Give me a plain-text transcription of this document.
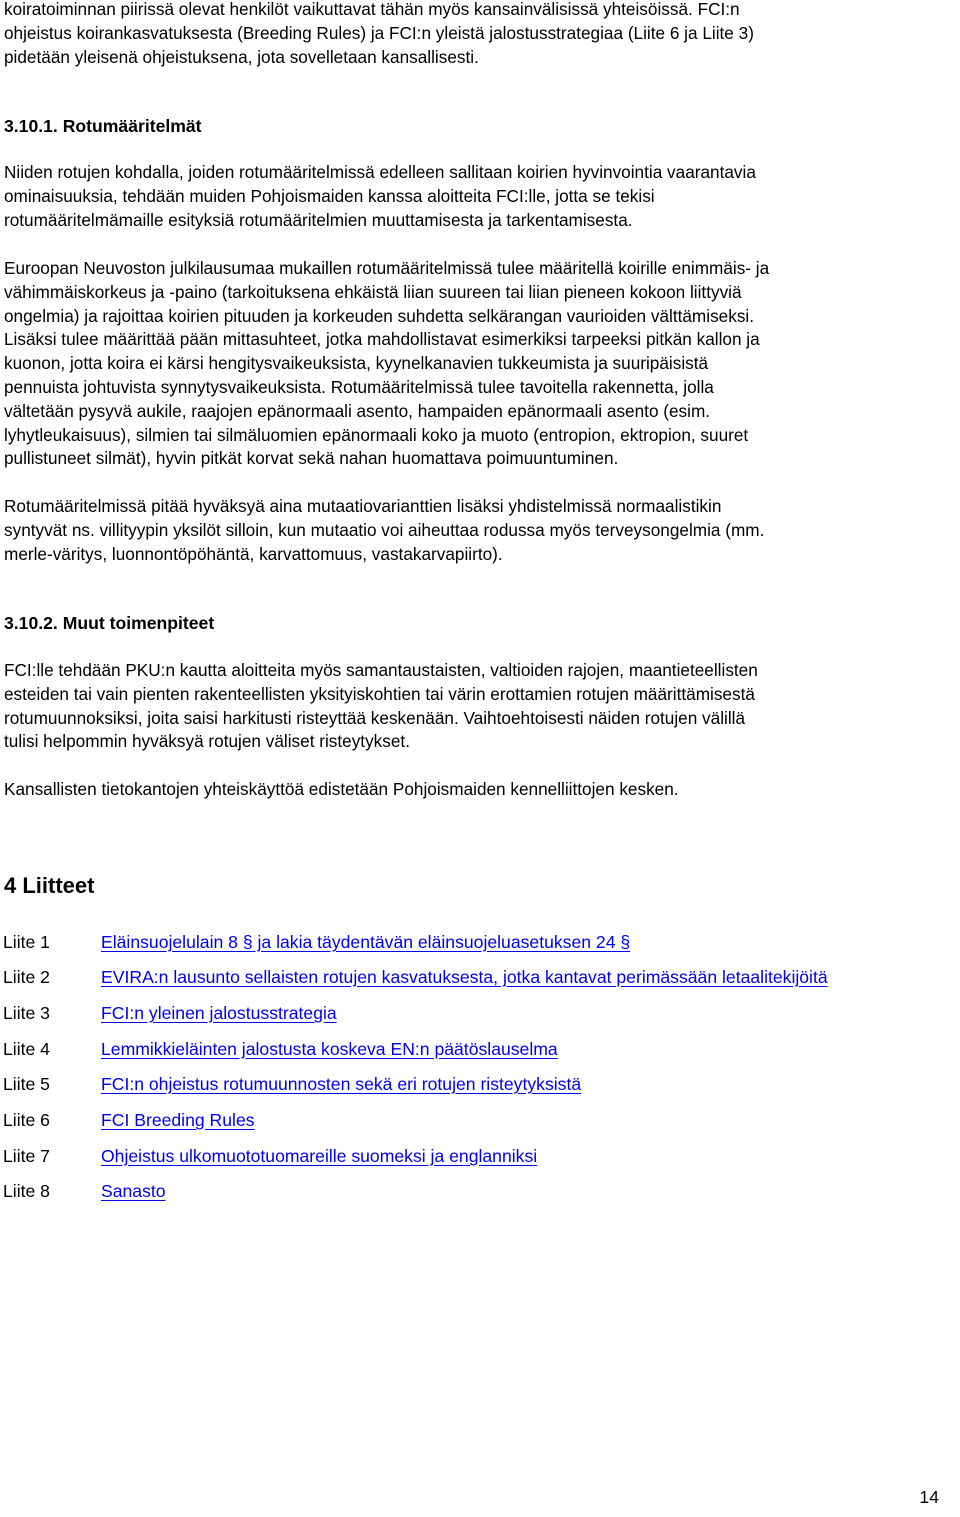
koiratoiminnan piirissä olevat henkilöt vaikuttavat tähän myös kansainvälisissä yhteisöissä. FCI:n
ohjeistus koirankasvatuksesta (Breeding Rules) ja FCI:n yleistä jalostusstrategiaa (Liite 6 ja Liite 3)
pidetään yleisenä ohjeistuksena, jota sovelletaan kansallisesti.

3.10.1. Rotumääritelmät

Niiden rotujen kohdalla, joiden rotumääritelmissä edelleen sallitaan koirien hyvinvointia vaarantavia
ominaisuuksia, tehdään muiden Pohjoismaiden kanssa aloitteita FCI:lle, jotta se tekisi
rotumääritelmämaille esityksiä rotumääritelmien muuttamisesta ja tarkentamisesta.

Euroopan Neuvoston julkilausumaa mukaillen rotumääritelmissä tulee määritellä koirille enimmäis- ja
vähimmäiskorkeus ja -paino (tarkoituksena ehkäistä liian suureen tai liian pieneen kokoon liittyviä
ongelmia) ja rajoittaa koirien pituuden ja korkeuden suhdetta selkärangan vaurioiden välttämiseksi.
Lisäksi tulee määrittää pään mittasuhteet, jotka mahdollistavat esimerkiksi tarpeeksi pitkän kallon ja
kuonon, jotta koira ei kärsi hengitysvaikeuksista, kyynelkanavien tukkeumista ja suuripäisistä
pennuista johtuvista synnytysvaikeuksista. Rotumääritelmissä tulee tavoitella rakennetta, jolla
vältetään pysyvä aukile, raajojen epänormaali asento, hampaiden epänormaali asento (esim.
lyhytleukaisuus), silmien tai silmäluomien epänormaali koko ja muoto (entropion, ektropion, suuret
pullistuneet silmät), hyvin pitkät korvat sekä nahan huomattava poimuuntuminen.

Rotumääritelmissä pitää hyväksyä aina mutaatiovarianttien lisäksi yhdistelmissä normaalistikin
syntyvät ns. villityypin yksilöt silloin, kun mutaatio voi aiheuttaa rodussa myös terveysongelmia (mm.
merle-väritys, luonnontöpöhäntä, karvattomuus, vastakarvapiirto).

3.10.2. Muut toimenpiteet

FCI:lle tehdään PKU:n kautta aloitteita myös samantaustaisten, valtioiden rajojen, maantieteellisten
esteiden tai vain pienten rakenteellisten yksityiskohtien tai värin erottamien rotujen määrittämisestä
rotumuunnoksiksi, joita saisi harkitusti risteyttää keskenään. Vaihtoehtoisesti näiden rotujen välillä
tulisi helpommin hyväksyä rotujen väliset risteytykset.

Kansallisten tietokantojen yhteiskäyttöä edistetään Pohjoismaiden kennelliittojen kesken.

4 Liitteet
Liite 1	Eläinsuojelulain 8 § ja lakia täydentävän eläinsuojeluasetuksen 24 §
Liite 2	EVIRA:n lausunto sellaisten rotujen kasvatuksesta, jotka kantavat perimässään letaalitekijöitä
Liite 3	FCI:n yleinen jalostusstrategia
Liite 4	Lemmikkieläinten jalostusta koskeva EN:n päätöslauselma
Liite 5	FCI:n ohjeistus rotumuunnosten sekä eri rotujen risteytyksistä
Liite 6	FCI Breeding Rules
Liite 7	Ohjeistus ulkomuototuomareille suomeksi ja englanniksi
Liite 8	Sanasto
14
